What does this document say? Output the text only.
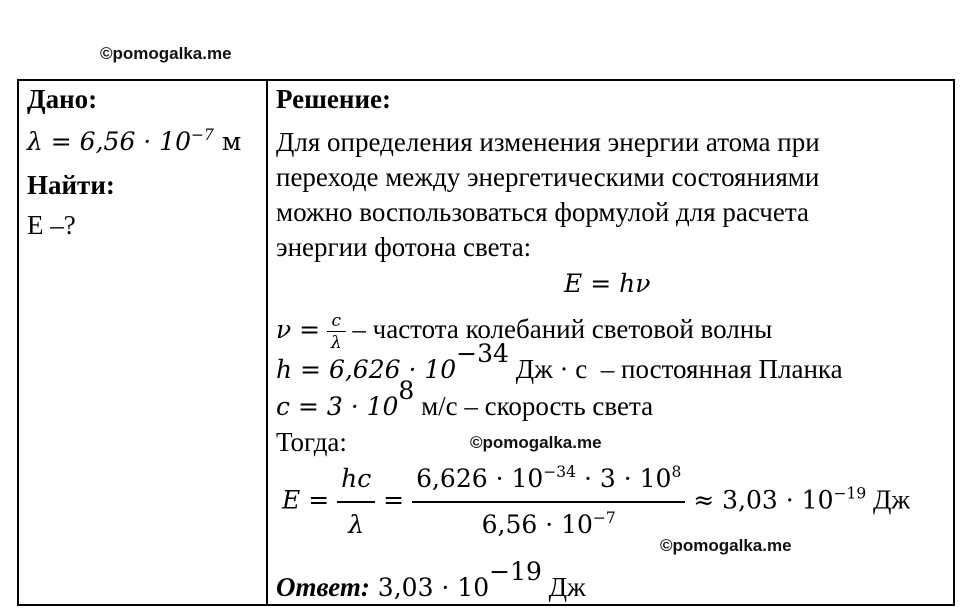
©pomogalka.me
©pomogalka.me
©pomogalka.me
Дано:
$\lambda = 6,56 \cdot 10^{-7}$ м
Найти:
Е –?
Решение:
Для определения изменения энергии атома при
переходе между энергетическими состояниями
можно воспользоваться формулой для расчета
энергии фотона света:
E = hν
$\nu = \frac{c}{\lambda}$ – частота колебаний световой волны
$h = 6,626 \cdot 10^{-34}$ Дж · с  – постоянная Планка
$c = 3 \cdot 10^8$ м/с – скорость света
Тогда:
$E = \frac{hc}{\lambda} = \frac{6,626 \cdot 10^{-34} \cdot 3 \cdot 10^8}{6,56 \cdot 10^{-7}} \approx 3,03 \cdot 10^{-19}$ Дж
Ответ: $3,03 \cdot 10^{-19}$ Дж
